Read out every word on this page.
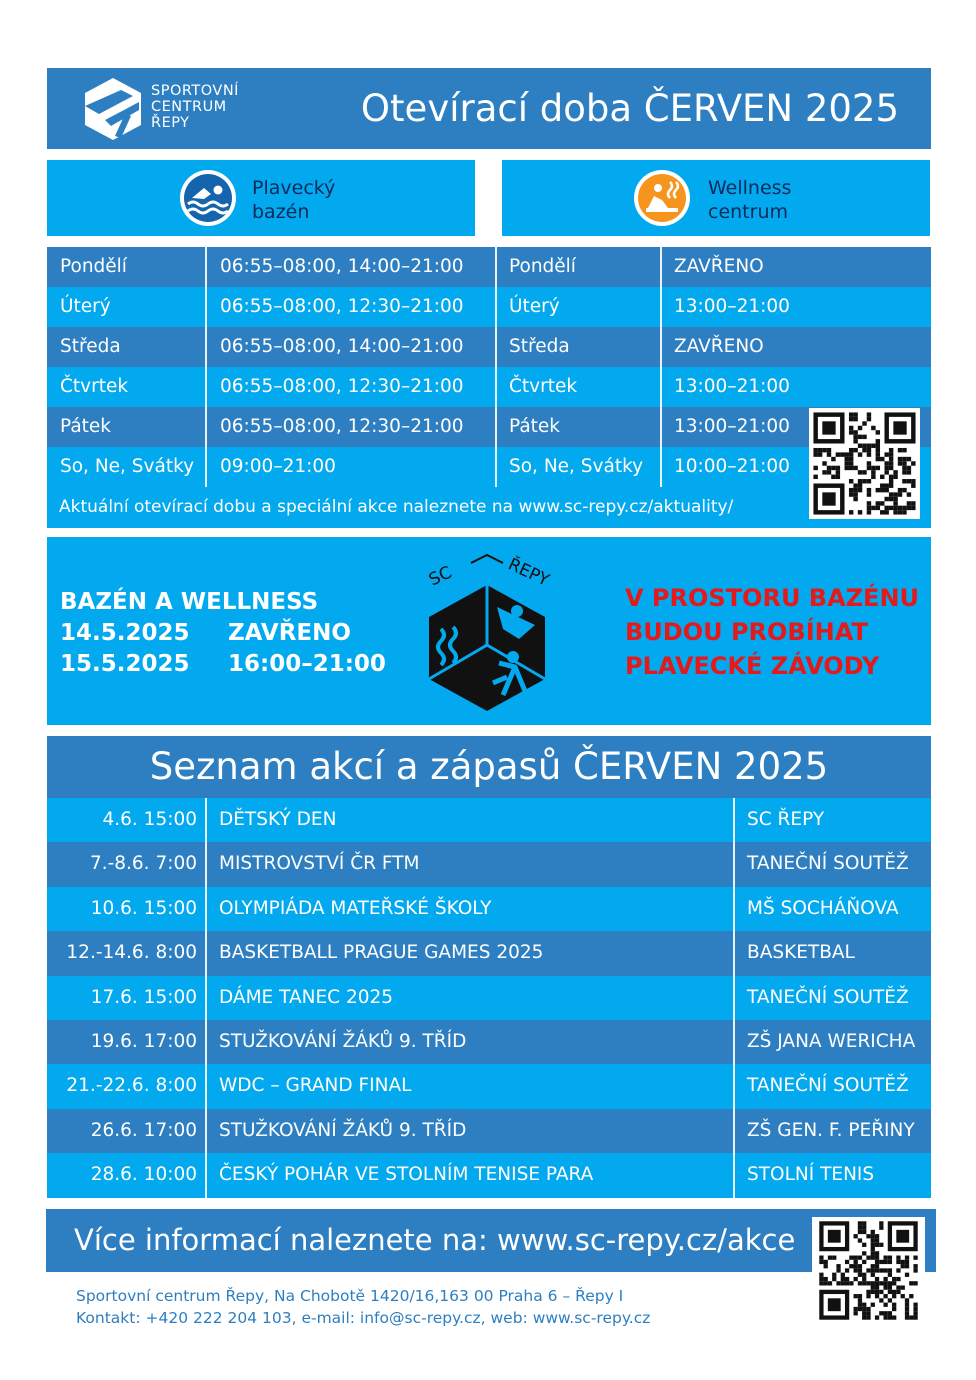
SPORTOVNÍ
CENTRUM
ŘEPY	Otevírací doba ČERVEN 2025
Plavecký
bazén
Wellness
centrum
Pondělí	06:55–08:00, 14:00–21:00 Pondělí	ZAVŘENO
Úterý	06:55–08:00, 12:30–21:00 Úterý	13:00–21:00
Středa	06:55–08:00, 14:00–21:00 Středa	ZAVŘENO
Čtvrtek	06:55–08:00, 12:30–21:00 Čtvrtek	13:00–21:00
Pátek	06:55–08:00, 12:30–21:00 Pátek	13:00–21:00
So, Ne, Svátky 09:00–21:00	So, Ne, Svátky 10:00–21:00
Aktuální otevírací dobu a speciální akce naleznete na www.sc-repy.cz/aktuality/
BAZÉN A WELLNESS
14.5.2025 ZAVŘENO
15.5.2025 16:00–21:00
SC	ŘEPY
V PROSTORU BAZÉNU
BUDOU PROBÍHAT
PLAVECKÉ ZÁVODY
Seznam akcí a zápasů ČERVEN 2025
4.6. 15:00 DĚTSKÝ DEN	SC ŘEPY
7.-8.6. 7:00 MISTROVSTVÍ ČR FTM	TANEČNÍ SOUTĚŽ
10.6. 15:00 OLYMPIÁDA MATEŘSKÉ ŠKOLY	MŠ SOCHÁŇOVA
12.-14.6. 8:00 BASKETBALL PRAGUE GAMES 2025	BASKETBAL
17.6. 15:00 DÁME TANEC 2025	TANEČNÍ SOUTĚŽ
19.6. 17:00 STUŽKOVÁNÍ ŽÁKŮ 9. TŘÍD	ZŠ JANA WERICHA
21.-22.6. 8:00 WDC – GRAND FINAL	TANEČNÍ SOUTĚŽ
26.6. 17:00 STUŽKOVÁNÍ ŽÁKŮ 9. TŘÍD	ZŠ GEN. F. PEŘINY
28.6. 10:00 ČESKÝ POHÁR VE STOLNÍM TENISE PARA	STOLNÍ TENIS
Více informací naleznete na: www.sc-repy.cz/akce
Sportovní centrum Řepy, Na Chobotě 1420/16,163 00 Praha 6 – Řepy I
Kontakt: +420 222 204 103, e-mail: info@sc-repy.cz, web: www.sc-repy.cz
